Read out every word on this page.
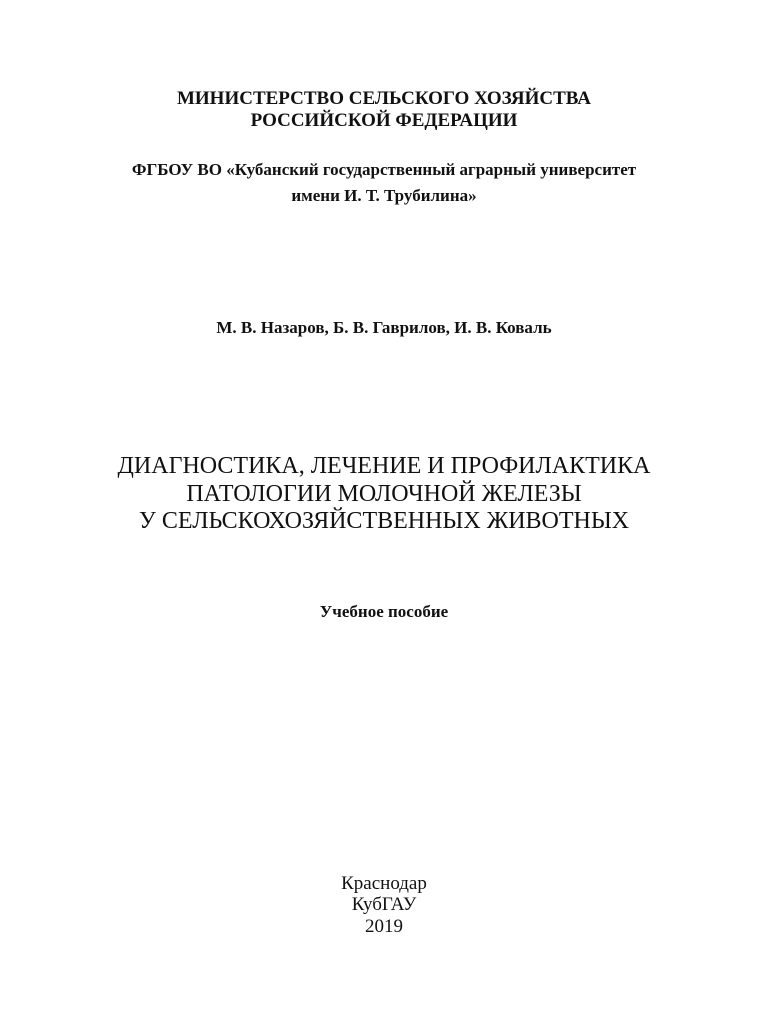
МИНИСТЕРСТВО СЕЛЬСКОГО ХОЗЯЙСТВА
РОССИЙСКОЙ ФЕДЕРАЦИИ
ФГБОУ ВО «Кубанский государственный аграрный университет
имени И. Т. Трубилина»
М. В. Назаров, Б. В. Гаврилов, И. В. Коваль
ДИАГНОСТИКА, ЛЕЧЕНИЕ И ПРОФИЛАКТИКА
ПАТОЛОГИИ МОЛОЧНОЙ ЖЕЛЕЗЫ
У СЕЛЬСКОХОЗЯЙСТВЕННЫХ ЖИВОТНЫХ
Учебное пособие
Краснодар
КубГАУ
2019
